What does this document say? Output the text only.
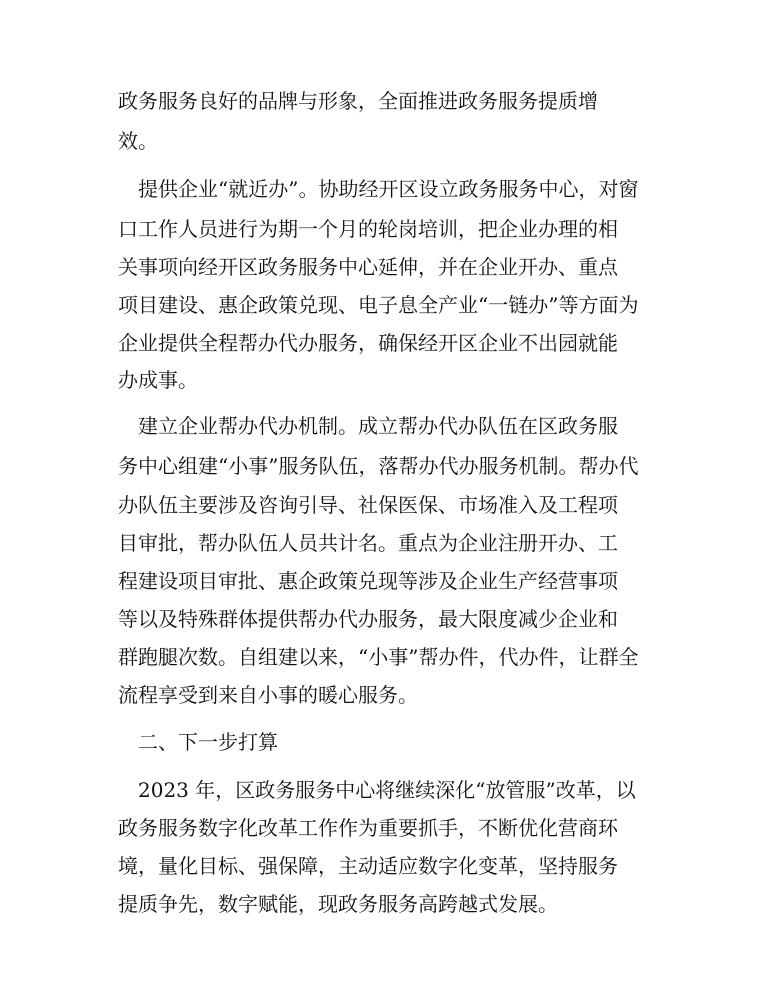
政务服务良好的品牌与形象，全面推进政务服务提质增
效。
提供企业“就近办”。协助经开区设立政务服务中心，对窗
口工作人员进行为期一个月的轮岗培训，把企业办理的相
关事项向经开区政务服务中心延伸，并在企业开办、重点
项目建设、惠企政策兑现、电子息全产业“一链办”等方面为
企业提供全程帮办代办服务，确保经开区企业不出园就能
办成事。
建立企业帮办代办机制。成立帮办代办队伍在区政务服
务中心组建“小事”服务队伍，落帮办代办服务机制。帮办代
办队伍主要涉及咨询引导、社保医保、市场准入及工程项
目审批，帮办队伍人员共计名。重点为企业注册开办、工
程建设项目审批、惠企政策兑现等涉及企业生产经营事项
等以及特殊群体提供帮办代办服务，最大限度减少企业和
群跑腿次数。自组建以来，“小事”帮办件，代办件，让群全
流程享受到来自小事的暖心服务。
二、下一步打算
2023 年，区政务服务中心将继续深化“放管服”改革，以
政务服务数字化改革工作作为重要抓手，不断优化营商环
境，量化目标、强保障，主动适应数字化变革，坚持服务
提质争先，数字赋能，现政务服务高跨越式发展。
